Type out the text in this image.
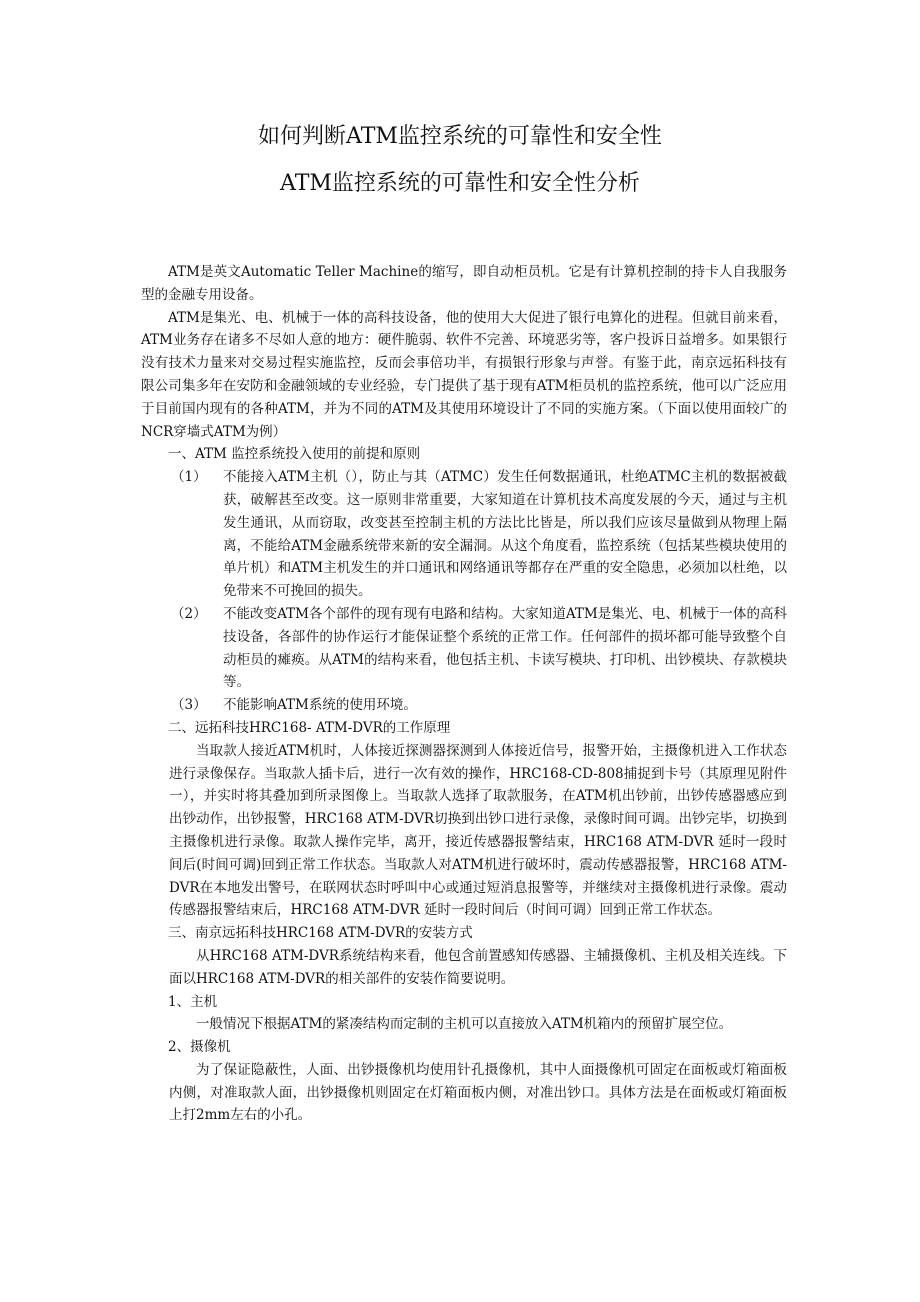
如何判断ATM监控系统的可靠性和安全性
ATM监控系统的可靠性和安全性分析

ATM是英文Automatic Teller Machine的缩写，即自动柜员机。它是有计算机控制的持卡人自我服务型的金融专用设备。

ATM是集光、电、机械于一体的高科技设备，他的使用大大促进了银行电算化的进程。但就目前来看，ATM业务存在诸多不尽如人意的地方：硬件脆弱、软件不完善、环境恶劣等，客户投诉日益增多。如果银行没有技术力量来对交易过程实施监控，反而会事倍功半，有损银行形象与声誉。有鉴于此，南京远拓科技有限公司集多年在安防和金融领域的专业经验，专门提供了基于现有ATM柜员机的监控系统，他可以广泛应用于目前国内现有的各种ATM，并为不同的ATM及其使用环境设计了不同的实施方案。（下面以使用面较广的NCR穿墙式ATM为例）

一、ATM 监控系统投入使用的前提和原则

（1）	不能接入ATM主机（），防止与其（ATMC）发生任何数据通讯，杜绝ATMC主机的数据被截获，破解甚至改变。这一原则非常重要，大家知道在计算机技术高度发展的今天，通过与主机发生通讯，从而窃取，改变甚至控制主机的方法比比皆是，所以我们应该尽量做到从物理上隔离，不能给ATM金融系统带来新的安全漏洞。从这个角度看，监控系统（包括某些模块使用的单片机）和ATM主机发生的并口通讯和网络通讯等都存在严重的安全隐患，必须加以杜绝，以免带来不可挽回的损失。
（2）	不能改变ATM各个部件的现有现有电路和结构。大家知道ATM是集光、电、机械于一体的高科技设备，各部件的协作运行才能保证整个系统的正常工作。任何部件的损坏都可能导致整个自动柜员的瘫痪。从ATM的结构来看，他包括主机、卡读写模块、打印机、出钞模块、存款模块等。
（3）	不能影响ATM系统的使用环境。

二、远拓科技HRC168- ATM-DVR的工作原理

当取款人接近ATM机时，人体接近探测器探测到人体接近信号，报警开始，主摄像机进入工作状态进行录像保存。当取款人插卡后，进行一次有效的操作，HRC168-CD-808捕捉到卡号（其原理见附件一），并实时将其叠加到所录图像上。当取款人选择了取款服务，在ATM机出钞前，出钞传感器感应到出钞动作，出钞报警，HRC168 ATM-DVR切换到出钞口进行录像，录像时间可调。出钞完毕，切换到主摄像机进行录像。取款人操作完毕，离开，接近传感器报警结束，HRC168 ATM-DVR 延时一段时间后(时间可调)回到正常工作状态。当取款人对ATM机进行破坏时，震动传感器报警，HRC168 ATM-DVR在本地发出警号，在联网状态时呼叫中心或通过短消息报警等，并继续对主摄像机进行录像。震动传感器报警结束后，HRC168 ATM-DVR 延时一段时间后（时间可调）回到正常工作状态。

三、南京远拓科技HRC168 ATM-DVR的安装方式

从HRC168 ATM-DVR系统结构来看，他包含前置感知传感器、主辅摄像机、主机及相关连线。下面以HRC168 ATM-DVR的相关部件的安装作简要说明。

1、主机

一般情况下根据ATM的紧凑结构而定制的主机可以直接放入ATM机箱内的预留扩展空位。

2、摄像机

为了保证隐蔽性，人面、出钞摄像机均使用针孔摄像机，其中人面摄像机可固定在面板或灯箱面板内侧，对准取款人面，出钞摄像机则固定在灯箱面板内侧，对准出钞口。具体方法是在面板或灯箱面板上打2mm左右的小孔。
